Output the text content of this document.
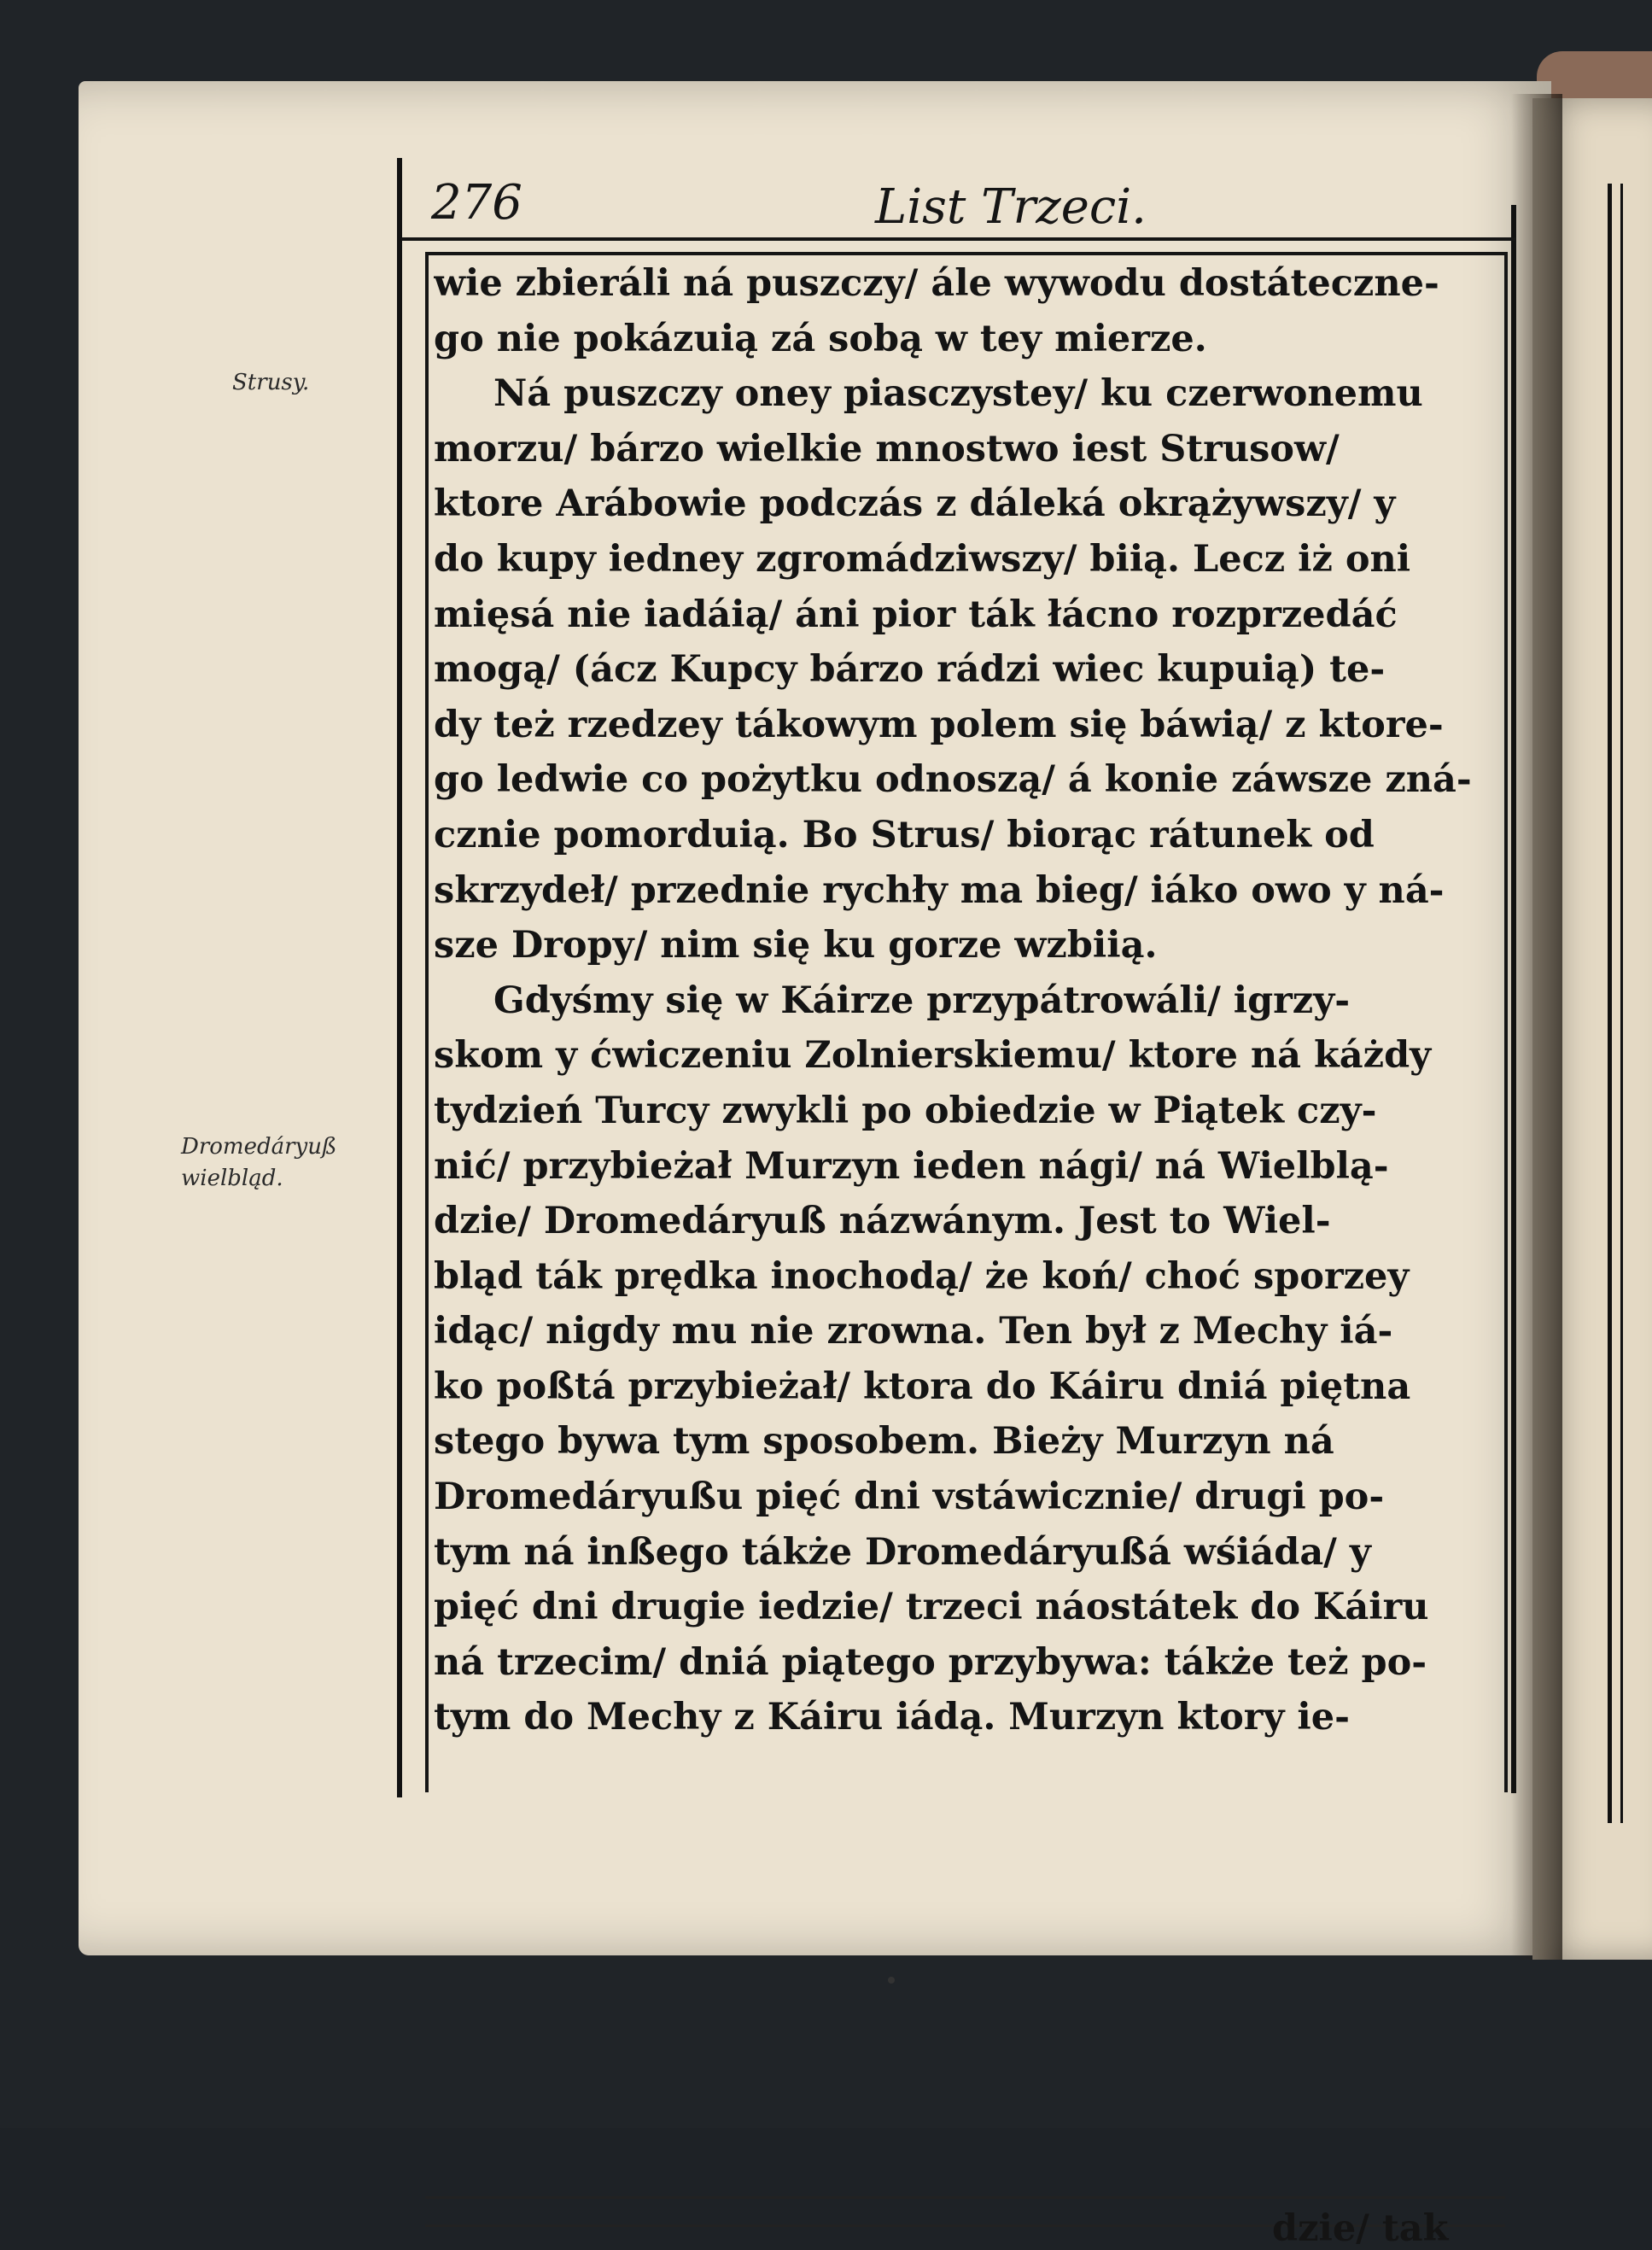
276	List Trzeci.
Strusy.
Dromedáryuß
wielbląd.
wie zbieráli ná puszczy/ ále wywodu dostáteczne-
go nie pokázuią zá sobą w tey mierze.
Ná puszczy oney piasczystey/ ku czerwonemu
morzu/ bárzo wielkie mnostwo iest Strusow/
ktore Arábowie podczás z dáleká okrążywszy/ y
do kupy iedney zgromádziwszy/ biią. Lecz iż oni
mięsá nie iadáią/ áni pior ták łácno rozprzedáć
mogą/ (ácz Kupcy bárzo rádzi wiec kupuią) te-
dy też rzedzey tákowym polem się báwią/ z ktore-
go ledwie co pożytku odnoszą/ á konie záwsze zná-
cznie pomorduią. Bo Strus/ biorąc rátunek od
skrzydeł/ przednie rychły ma bieg/ iáko owo y ná-
sze Dropy/ nim się ku gorze wzbiią.
Gdyśmy się w Káirze przypátrowáli/ igrzy-
skom y ćwiczeniu Zolnierskiemu/ ktore ná káżdy
tydzień Turcy zwykli po obiedzie w Piątek czy-
nić/ przybieżał Murzyn ieden nági/ ná Wielblą-
dzie/ Dromedáryuß názwánym. Jest to Wiel-
bląd ták prędka inochodą/ że koń/ choć sporzey
idąc/ nigdy mu nie zrowna. Ten był z Mechy iá-
ko poßtá przybieżał/ ktora do Káiru dniá piętna
stego bywa tym sposobem. Bieży Murzyn ná
Dromedáryußu pięć dni vstáwicznie/ drugi po-
tym ná inßego tákże Dromedáryußá wśiáda/ y
pięć dni drugie iedzie/ trzeci náostátek do Káiru
ná trzecim/ dniá piątego przybywa: tákże też po-
tym do Mechy z Káiru iádą. Murzyn ktory ie-
dzie/ tak
